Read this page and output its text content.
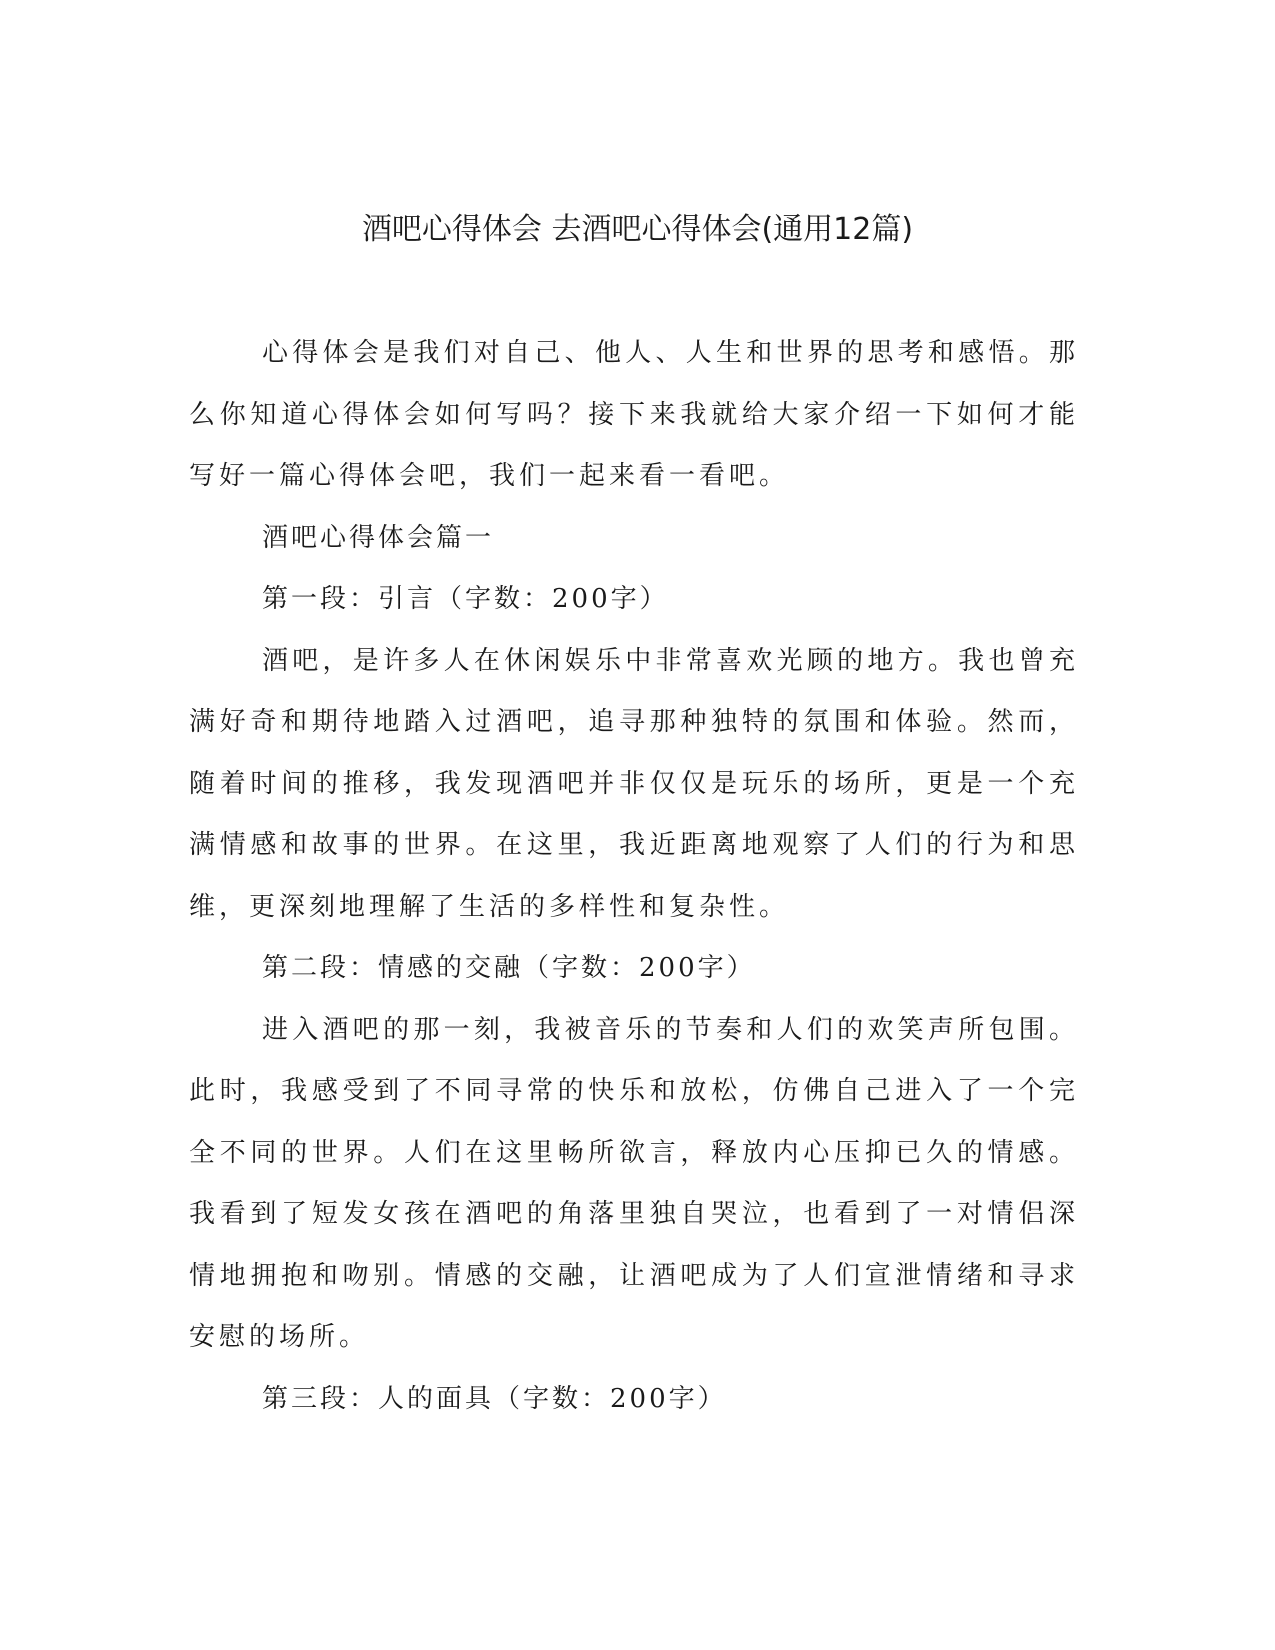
酒吧心得体会 去酒吧心得体会(通用12篇)

心得体会是我们对自己、他人、人生和世界的思考和感悟。那么你知道心得体会如何写吗？接下来我就给大家介绍一下如何才能写好一篇心得体会吧，我们一起来看一看吧。

酒吧心得体会篇一

第一段：引言（字数：200字）

酒吧，是许多人在休闲娱乐中非常喜欢光顾的地方。我也曾充满好奇和期待地踏入过酒吧，追寻那种独特的氛围和体验。然而，随着时间的推移，我发现酒吧并非仅仅是玩乐的场所，更是一个充满情感和故事的世界。在这里，我近距离地观察了人们的行为和思维，更深刻地理解了生活的多样性和复杂性。

第二段：情感的交融（字数：200字）

进入酒吧的那一刻，我被音乐的节奏和人们的欢笑声所包围。此时，我感受到了不同寻常的快乐和放松，仿佛自己进入了一个完全不同的世界。人们在这里畅所欲言，释放内心压抑已久的情感。我看到了短发女孩在酒吧的角落里独自哭泣，也看到了一对情侣深情地拥抱和吻别。情感的交融，让酒吧成为了人们宣泄情绪和寻求安慰的场所。

第三段：人的面具（字数：200字）
